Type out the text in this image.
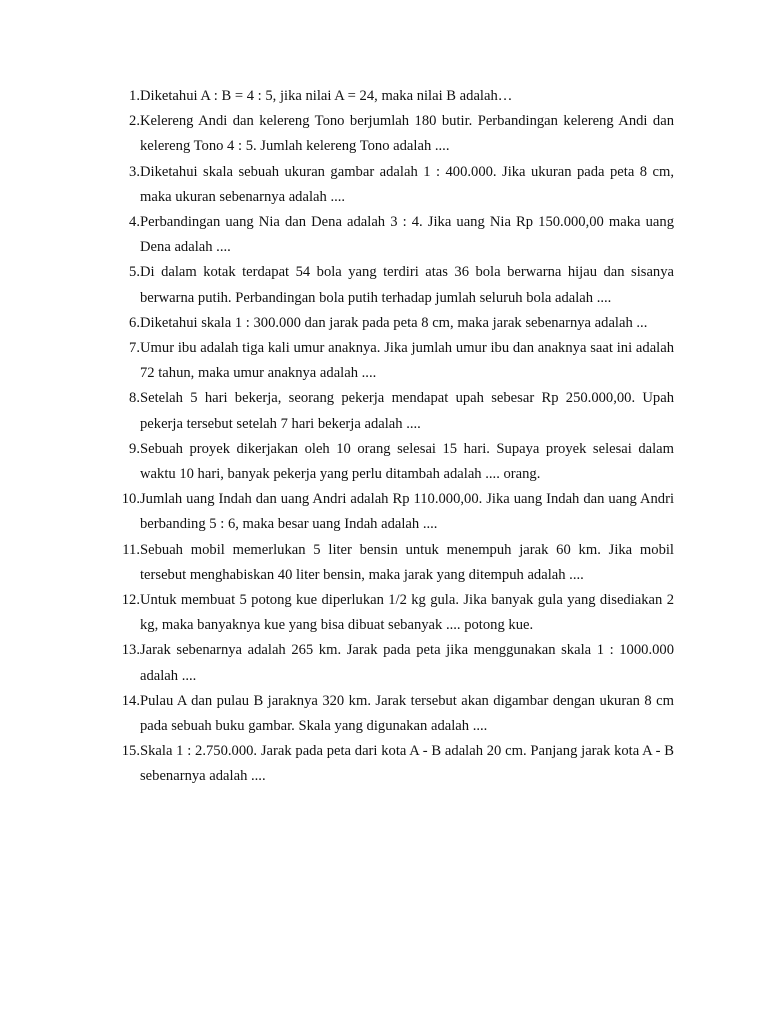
1. Diketahui A : B = 4 : 5, jika nilai A = 24, maka nilai B adalah…
2. Kelereng Andi dan kelereng Tono berjumlah 180 butir. Perbandingan kelereng Andi dan kelereng Tono 4 : 5. Jumlah kelereng Tono adalah ....
3. Diketahui skala sebuah ukuran gambar adalah 1 : 400.000. Jika ukuran pada peta 8 cm, maka ukuran sebenarnya adalah ....
4. Perbandingan uang Nia dan Dena adalah 3 : 4. Jika uang Nia Rp 150.000,00 maka uang Dena adalah ....
5. Di dalam kotak terdapat 54 bola yang terdiri atas 36 bola berwarna hijau dan sisanya berwarna putih. Perbandingan bola putih terhadap jumlah seluruh bola adalah ....
6. Diketahui skala 1 : 300.000 dan jarak pada peta 8 cm, maka jarak sebenarnya adalah ...
7. Umur ibu adalah tiga kali umur anaknya. Jika jumlah umur ibu dan anaknya saat ini adalah 72 tahun, maka umur anaknya adalah ....
8. Setelah 5 hari bekerja, seorang pekerja mendapat upah sebesar Rp 250.000,00. Upah pekerja tersebut setelah 7 hari bekerja adalah ....
9. Sebuah proyek dikerjakan oleh 10 orang selesai 15 hari. Supaya proyek selesai dalam waktu 10 hari, banyak pekerja yang perlu ditambah adalah .... orang.
10. Jumlah uang Indah dan uang Andri adalah Rp 110.000,00. Jika uang Indah dan uang Andri berbanding 5 : 6, maka besar uang Indah adalah ....
11. Sebuah mobil memerlukan 5 liter bensin untuk menempuh jarak 60 km. Jika mobil tersebut menghabiskan 40 liter bensin, maka jarak yang ditempuh adalah ....
12. Untuk membuat 5 potong kue diperlukan 1/2 kg gula. Jika banyak gula yang disediakan 2 kg, maka banyaknya kue yang bisa dibuat sebanyak .... potong kue.
13. Jarak sebenarnya adalah 265 km. Jarak pada peta jika menggunakan skala 1 : 1000.000 adalah ....
14. Pulau A dan pulau B jaraknya 320 km. Jarak tersebut akan digambar dengan ukuran 8 cm pada sebuah buku gambar. Skala yang digunakan adalah ....
15. Skala 1 : 2.750.000. Jarak pada peta dari kota A - B adalah 20 cm. Panjang jarak kota A - B sebenarnya adalah ....
